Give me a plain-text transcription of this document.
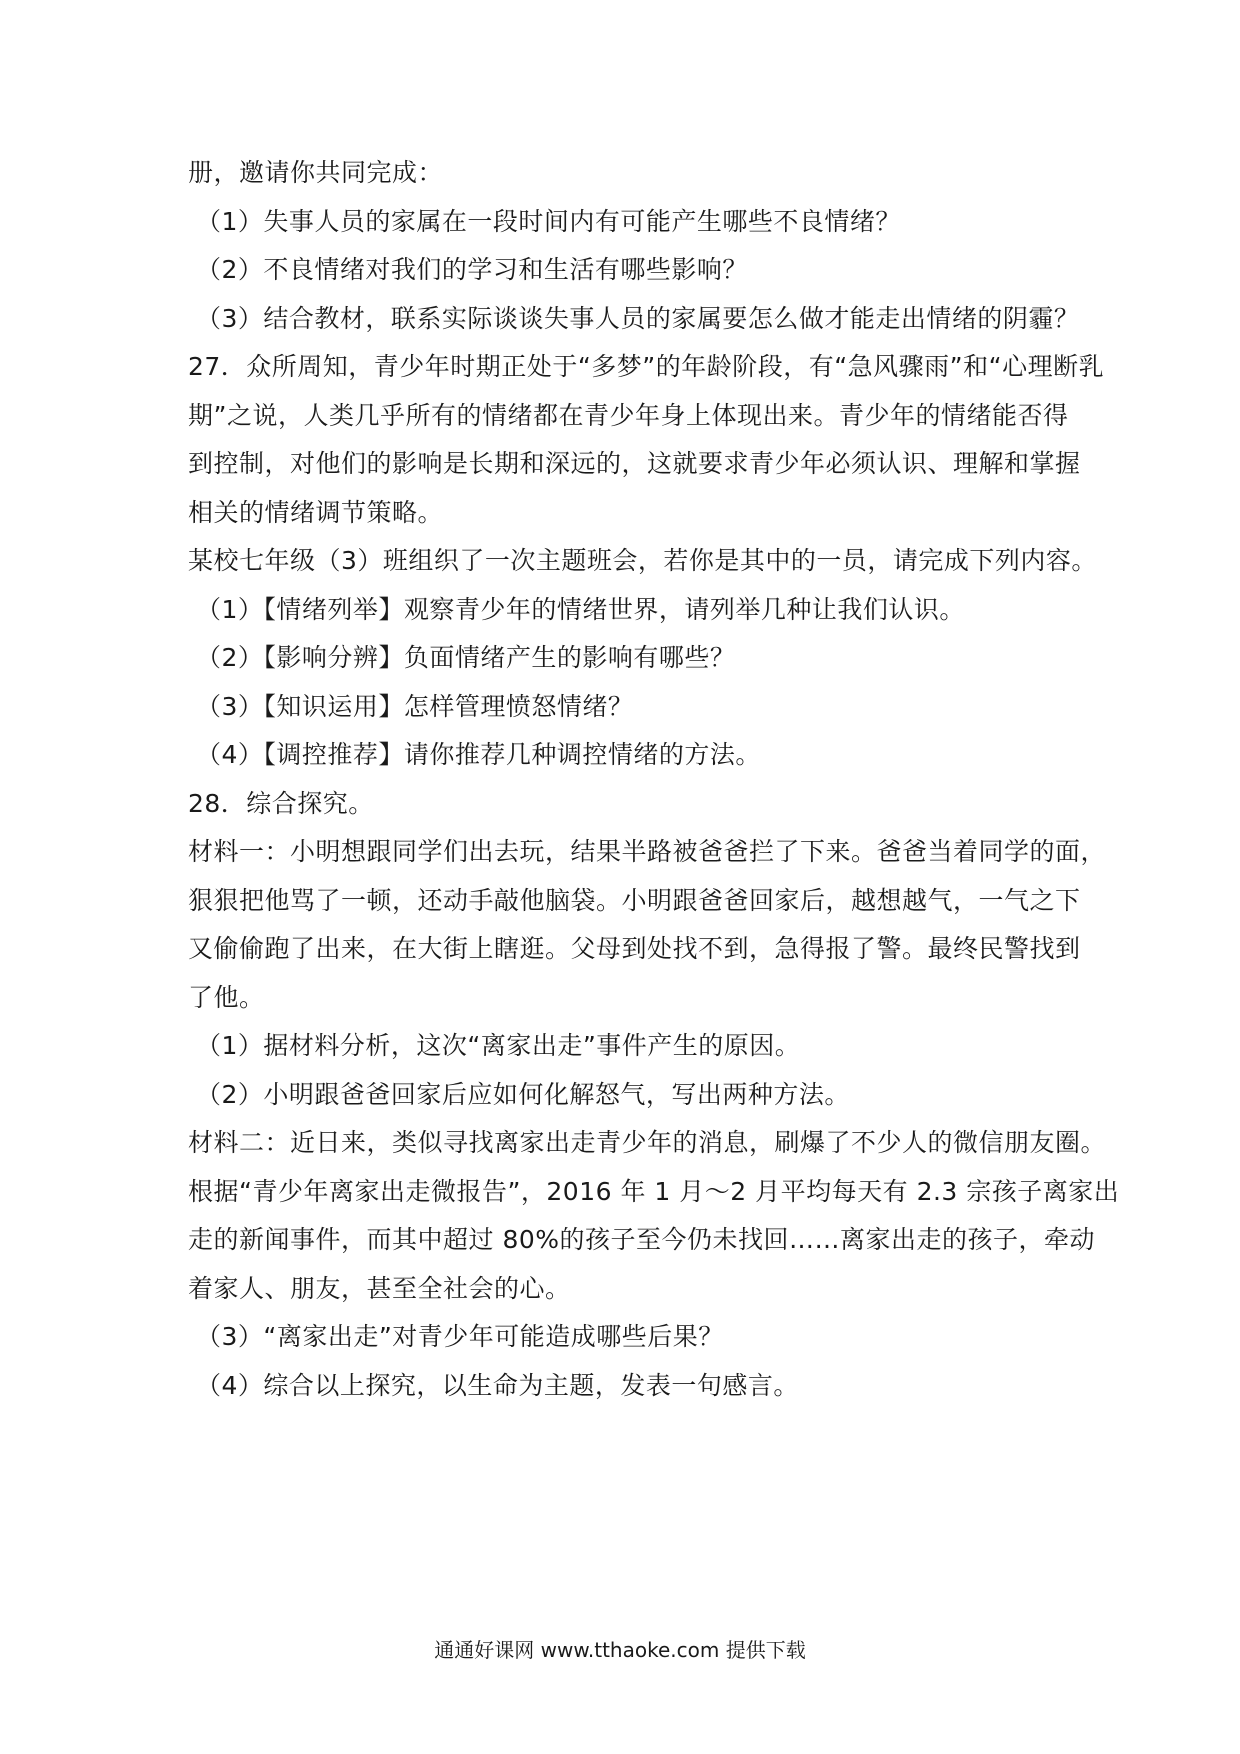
册，邀请你共同完成：
（1）失事人员的家属在一段时间内有可能产生哪些不良情绪？
（2）不良情绪对我们的学习和生活有哪些影响？
（3）结合教材，联系实际谈谈失事人员的家属要怎么做才能走出情绪的阴霾？
27．众所周知，青少年时期正处于“多梦”的年龄阶段，有“急风骤雨”和“心理断乳
期”之说，人类几乎所有的情绪都在青少年身上体现出来。青少年的情绪能否得
到控制，对他们的影响是长期和深远的，这就要求青少年必须认识、理解和掌握
相关的情绪调节策略。
某校七年级（3）班组织了一次主题班会，若你是其中的一员，请完成下列内容。
（1）【情绪列举】观察青少年的情绪世界，请列举几种让我们认识。
（2）【影响分辨】负面情绪产生的影响有哪些？
（3）【知识运用】怎样管理愤怒情绪？
（4）【调控推荐】请你推荐几种调控情绪的方法。
28．综合探究。
材料一：小明想跟同学们出去玩，结果半路被爸爸拦了下来。爸爸当着同学的面，
狠狠把他骂了一顿，还动手敲他脑袋。小明跟爸爸回家后，越想越气，一气之下
又偷偷跑了出来，在大街上瞎逛。父母到处找不到，急得报了警。最终民警找到
了他。
（1）据材料分析，这次“离家出走”事件产生的原因。
（2）小明跟爸爸回家后应如何化解怒气，写出两种方法。
材料二：近日来，类似寻找离家出走青少年的消息，刷爆了不少人的微信朋友圈。
根据“青少年离家出走微报告”，2016 年 1 月～2 月平均每天有 2.3 宗孩子离家出
走的新闻事件，而其中超过 80%的孩子至今仍未找回……离家出走的孩子，牵动
着家人、朋友，甚至全社会的心。
（3）“离家出走”对青少年可能造成哪些后果？
（4）综合以上探究，以生命为主题，发表一句感言。
通通好课网 www.tthaoke.com 提供下载
